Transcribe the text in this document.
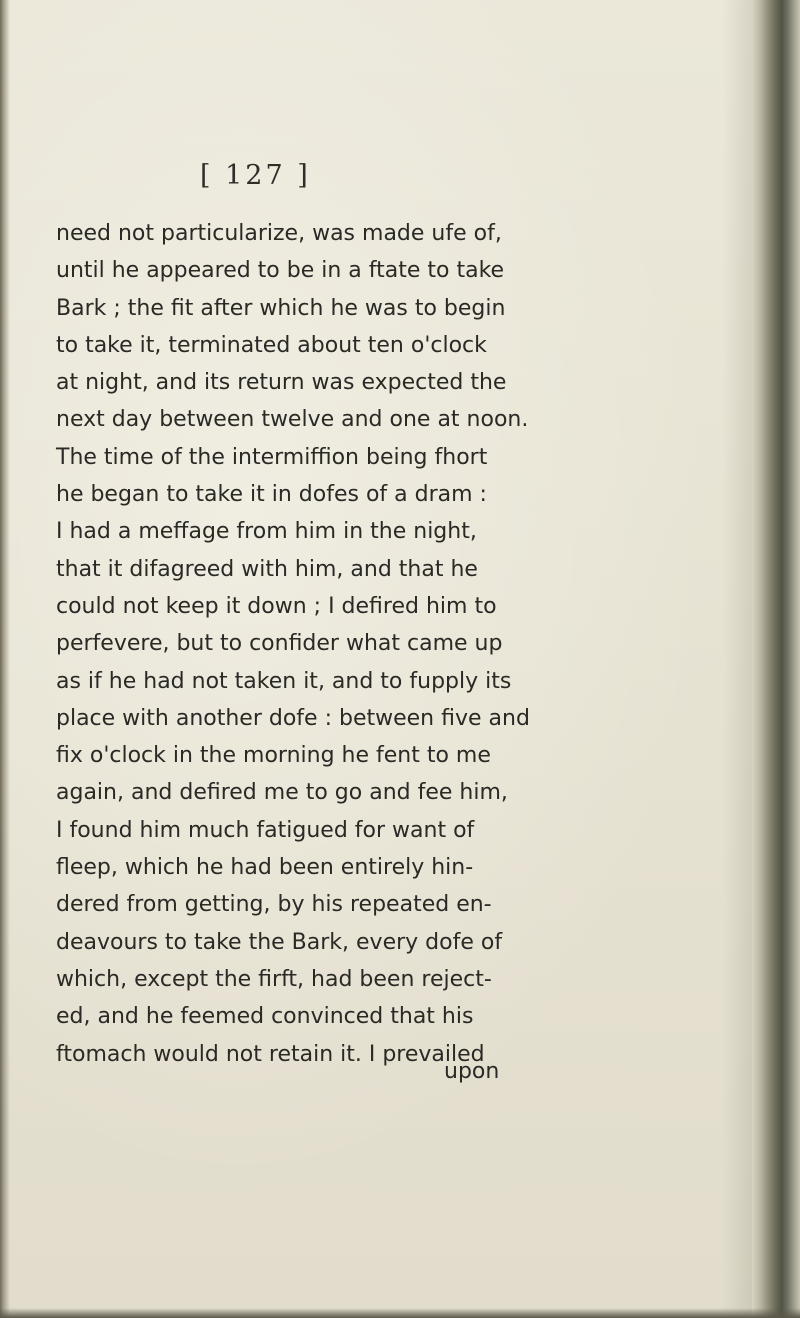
[ 127 ]
need not particularize, was made ufe of,
until he appeared to be in a ftate to take
Bark ; the fit after which he was to begin
to take it, terminated about ten o'clock
at night, and its return was expected the
next day between twelve and one at noon.
The time of the intermiffion being fhort
he began to take it in dofes of a dram :
I had a meffage from him in the night,
that it difagreed with him, and that he
could not keep it down ; I defired him to
perfevere, but to confider what came up
as if he had not taken it, and to fupply its
place with another dofe : between five and
fix o'clock in the morning he fent to me
again, and defired me to go and fee him,
I found him much fatigued for want of
fleep, which he had been entirely hin-
dered from getting, by his repeated en-
deavours to take the Bark, every dofe of
which, except the firft, had been reject-
ed, and he feemed convinced that his
ftomach would not retain it. I prevailed
upon
